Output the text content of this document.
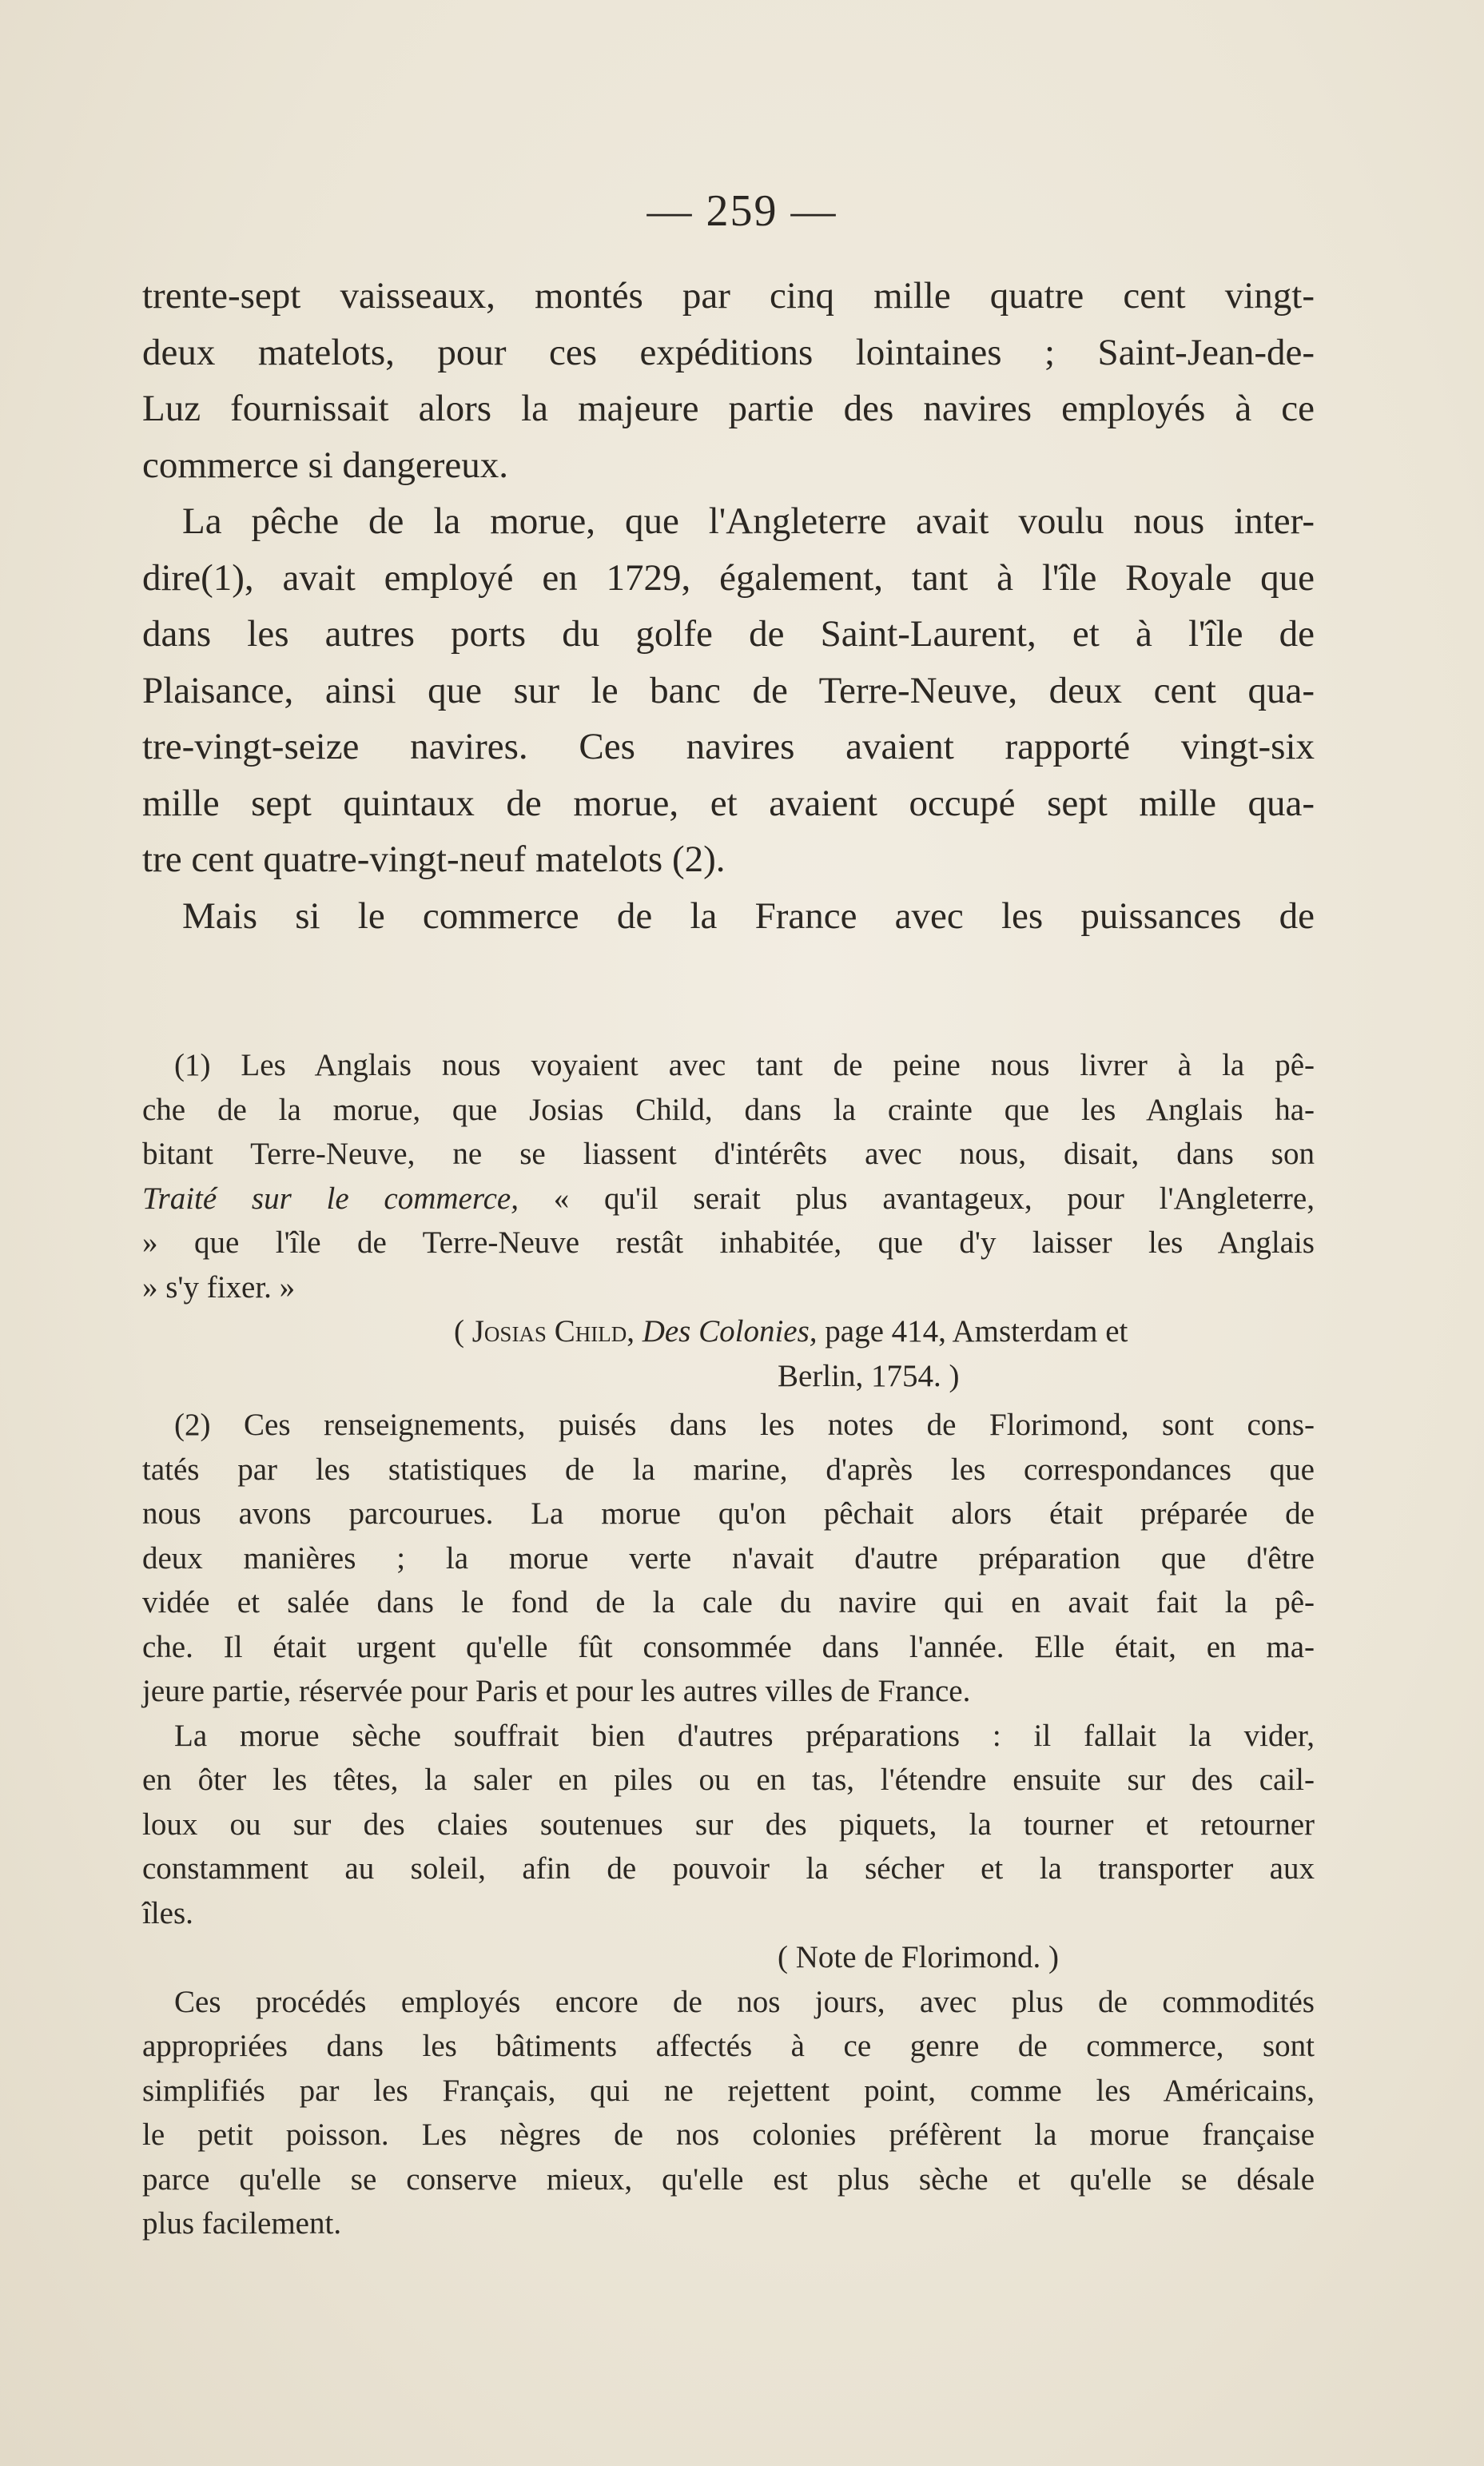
— 259 —
trente-sept vaisseaux, montés par cinq mille quatre cent vingt-
deux matelots, pour ces expéditions lointaines ; Saint-Jean-de-
Luz fournissait alors la majeure partie des navires employés à ce
commerce si dangereux.
La pêche de la morue, que l'Angleterre avait voulu nous inter-
dire(1), avait employé en 1729, également, tant à l'île Royale que
dans les autres ports du golfe de Saint-Laurent, et à l'île de
Plaisance, ainsi que sur le banc de Terre-Neuve, deux cent qua-
tre-vingt-seize navires. Ces navires avaient rapporté vingt-six
mille sept quintaux de morue, et avaient occupé sept mille qua-
tre cent quatre-vingt-neuf matelots (2).
Mais si le commerce de la France avec les puissances de
(1) Les Anglais nous voyaient avec tant de peine nous livrer à la pê-
che de la morue, que Josias Child, dans la crainte que les Anglais ha-
bitant Terre-Neuve, ne se liassent d'intérêts avec nous, disait, dans son
Traité sur le commerce, « qu'il serait plus avantageux, pour l'Angleterre,
» que l'île de Terre-Neuve restât inhabitée, que d'y laisser les Anglais
» s'y fixer. »
( Josias Child, Des Colonies, page 414, Amsterdam et
Berlin, 1754. )
(2) Ces renseignements, puisés dans les notes de Florimond, sont cons-
tatés par les statistiques de la marine, d'après les correspondances que
nous avons parcourues. La morue qu'on pêchait alors était préparée de
deux manières ; la morue verte n'avait d'autre préparation que d'être
vidée et salée dans le fond de la cale du navire qui en avait fait la pê-
che. Il était urgent qu'elle fût consommée dans l'année. Elle était, en ma-
jeure partie, réservée pour Paris et pour les autres villes de France.
La morue sèche souffrait bien d'autres préparations : il fallait la vider,
en ôter les têtes, la saler en piles ou en tas, l'étendre ensuite sur des cail-
loux ou sur des claies soutenues sur des piquets, la tourner et retourner
constamment au soleil, afin de pouvoir la sécher et la transporter aux
îles.
( Note de Florimond. )
Ces procédés employés encore de nos jours, avec plus de commodités
appropriées dans les bâtiments affectés à ce genre de commerce, sont
simplifiés par les Français, qui ne rejettent point, comme les Américains,
le petit poisson. Les nègres de nos colonies préfèrent la morue française
parce qu'elle se conserve mieux, qu'elle est plus sèche et qu'elle se désale
plus facilement.
